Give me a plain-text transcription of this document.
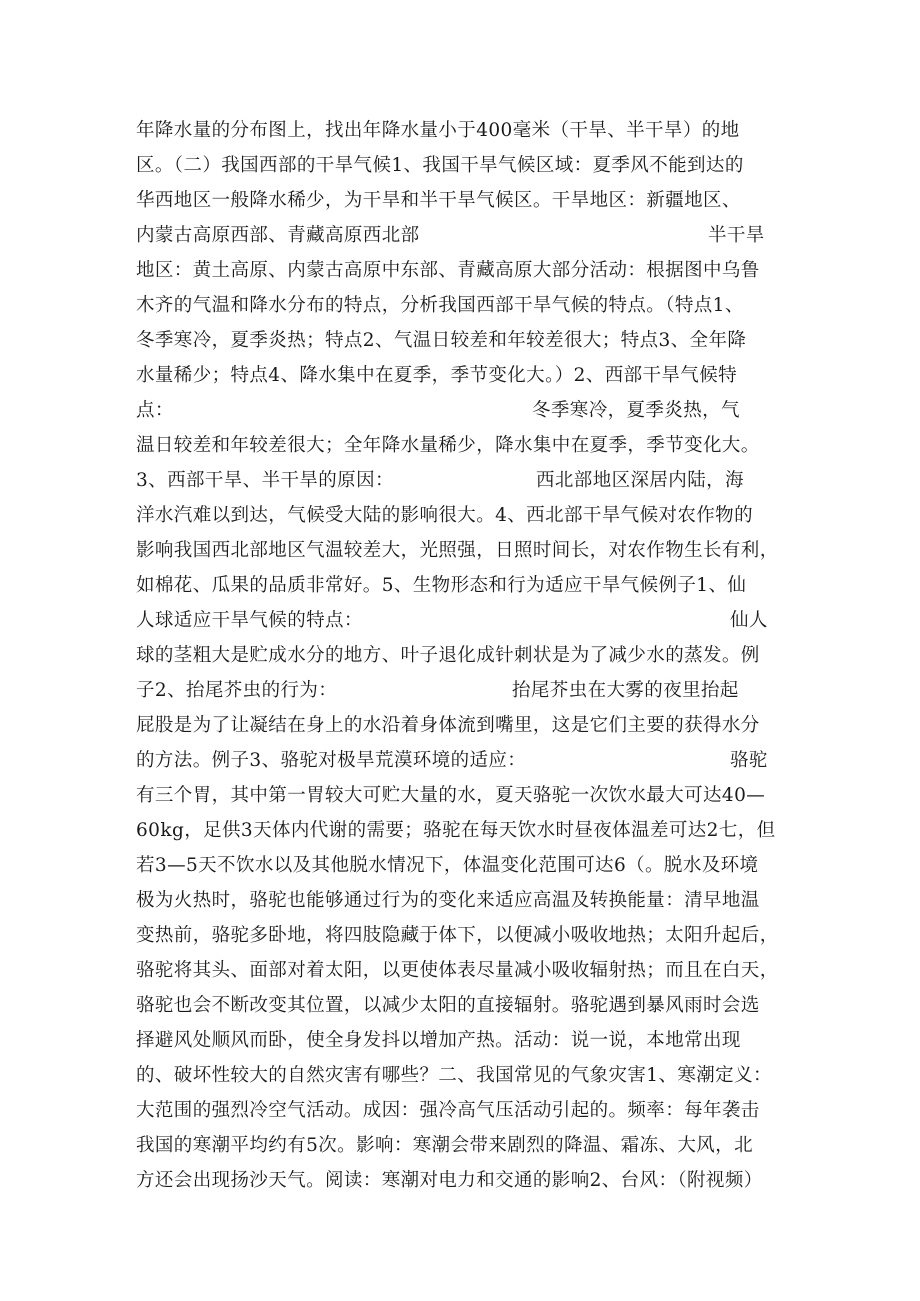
年降水量的分布图上，找出年降水量小于400毫米（干旱、半干旱）的地
区。（二）我国西部的干旱气候1、我国干旱气候区域：夏季风不能到达的
华西地区一般降水稀少，为干旱和半干旱气候区。干旱地区：新疆地区、
内蒙古高原西部、青藏高原西北部	半干旱
地区：黄土高原、内蒙古高原中东部、青藏高原大部分活动：根据图中乌鲁
木齐的气温和降水分布的特点，分析我国西部干旱气候的特点。（特点1、
冬季寒冷，夏季炎热；特点2、气温日较差和年较差很大；特点3、全年降
水量稀少；特点4、降水集中在夏季，季节变化大。）2、西部干旱气候特
点：	冬季寒冷，夏季炎热，气
温日较差和年较差很大；全年降水量稀少，降水集中在夏季，季节变化大。
3、西部干旱、半干旱的原因：	西北部地区深居内陆，海
洋水汽难以到达，气候受大陆的影响很大。4、西北部干旱气候对农作物的
影响我国西北部地区气温较差大，光照强，日照时间长，对农作物生长有利，
如棉花、瓜果的品质非常好。5、生物形态和行为适应干旱气候例子1、仙
人球适应干旱气候的特点：	仙人
球的茎粗大是贮成水分的地方、叶子退化成针刺状是为了减少水的蒸发。例
子2、抬尾芥虫的行为：	抬尾芥虫在大雾的夜里抬起
屁股是为了让凝结在身上的水沿着身体流到嘴里，这是它们主要的获得水分
的方法。例子3、骆驼对极旱荒漠环境的适应：	骆驼
有三个胃，其中第一胃较大可贮大量的水，夏天骆驼一次饮水最大可达40—
60kg，足供3天体内代谢的需要；骆驼在每天饮水时昼夜体温差可达2七，但
若3—5天不饮水以及其他脱水情况下，体温变化范围可达6（。脱水及环境
极为火热时，骆驼也能够通过行为的变化来适应高温及转换能量：清早地温
变热前，骆驼多卧地，将四肢隐藏于体下，以便减小吸收地热；太阳升起后，
骆驼将其头、面部对着太阳，以更使体表尽量减小吸收辐射热；而且在白天，
骆驼也会不断改变其位置，以减少太阳的直接辐射。骆驼遇到暴风雨时会选
择避风处顺风而卧，使全身发抖以增加产热。活动：说一说，本地常出现
的、破坏性较大的自然灾害有哪些？二、我国常见的气象灾害1、寒潮定义：
大范围的强烈冷空气活动。成因：强冷高气压活动引起的。频率：每年袭击
我国的寒潮平均约有5次。影响：寒潮会带来剧烈的降温、霜冻、大风，北
方还会出现扬沙天气。阅读：寒潮对电力和交通的影响2、台风：（附视频）
